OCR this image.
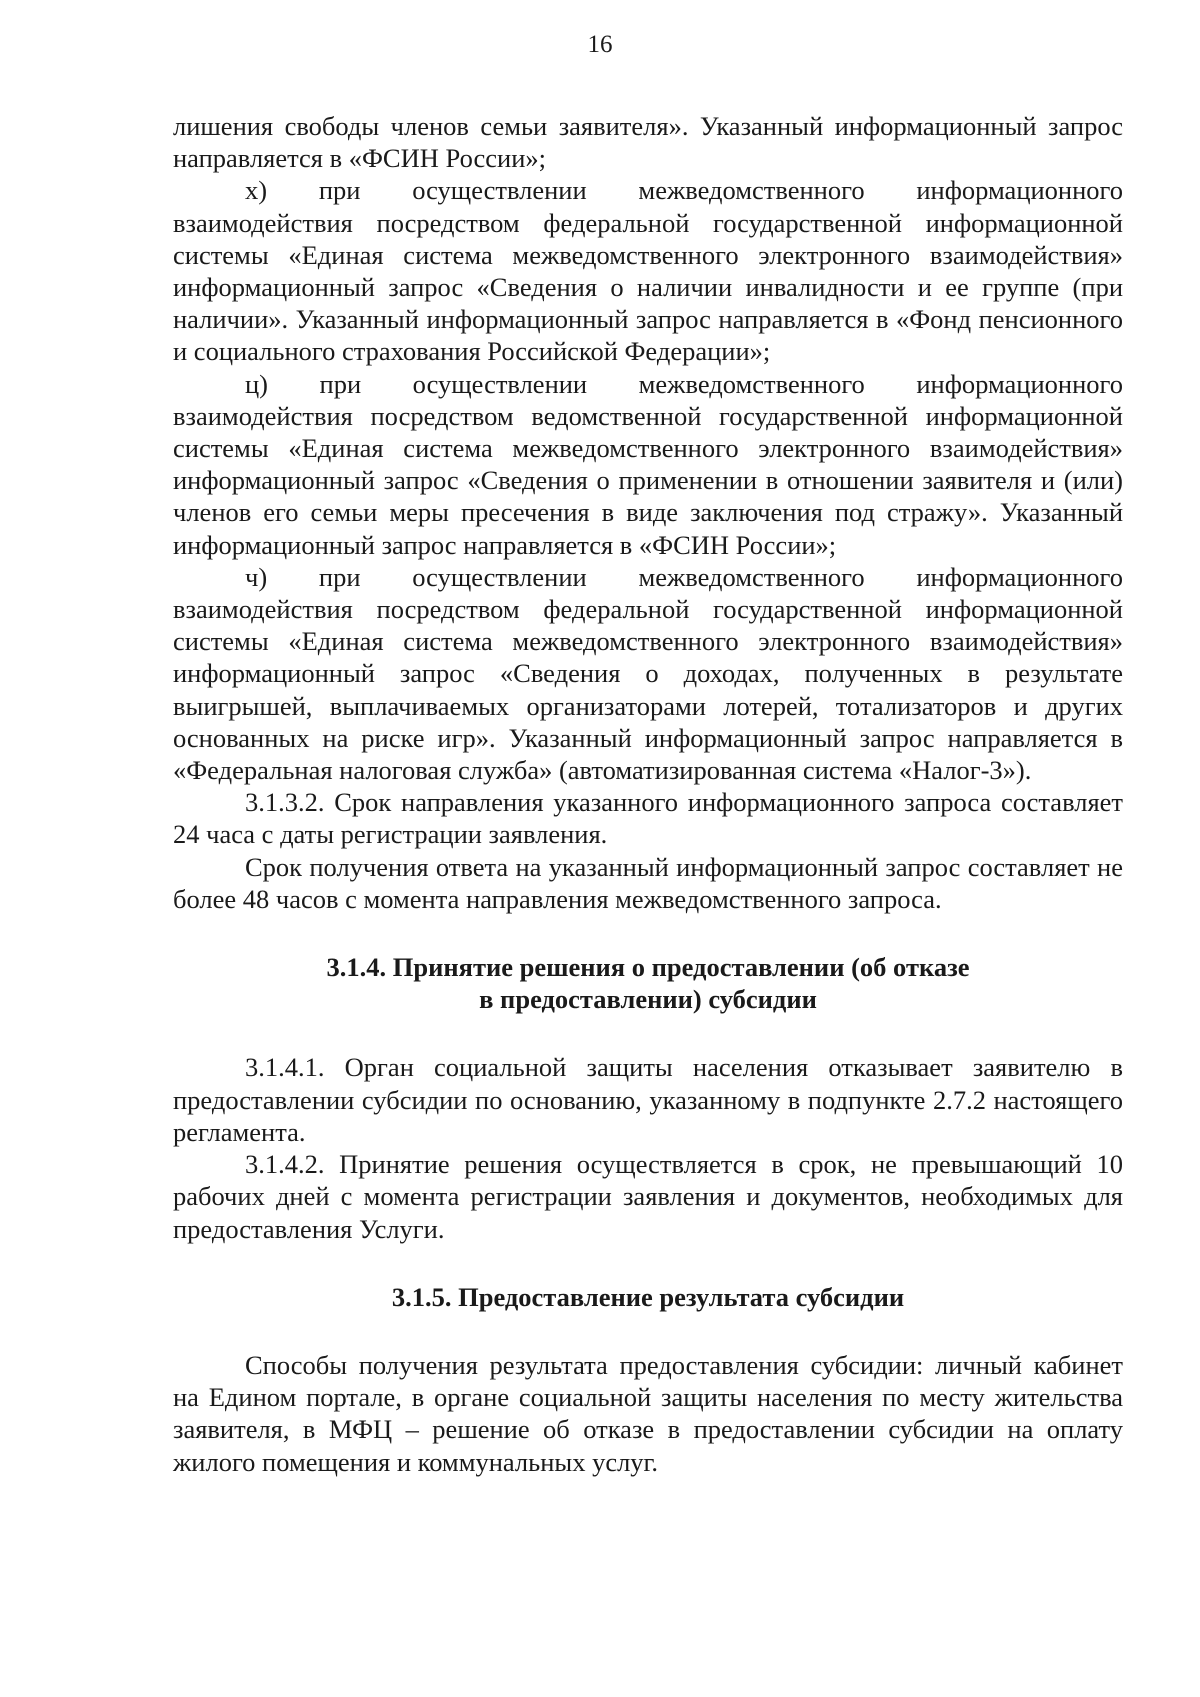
16

лишения свободы членов семьи заявителя». Указанный информационный запрос направляется в «ФСИН России»;

х) при осуществлении межведомственного информационного взаимодействия посредством федеральной государственной информационной системы «Единая система межведомственного электронного взаимодействия» информационный запрос «Сведения о наличии инвалидности и ее группе (при наличии». Указанный информационный запрос направляется в «Фонд пенсионного и социального страхования Российской Федерации»;

ц) при осуществлении межведомственного информационного взаимодействия посредством ведомственной государственной информационной системы «Единая система межведомственного электронного взаимодействия» информационный запрос «Сведения о применении в отношении заявителя и (или) членов его семьи меры пресечения в виде заключения под стражу». Указанный информационный запрос направляется в «ФСИН России»;

ч) при осуществлении межведомственного информационного взаимодействия посредством федеральной государственной информационной системы «Единая система межведомственного электронного взаимодействия» информационный запрос «Сведения о доходах, полученных в результате выигрышей, выплачиваемых организаторами лотерей, тотализаторов и других основанных на риске игр». Указанный информационный запрос направляется в «Федеральная налоговая служба» (автоматизированная система «Налог-3»).

3.1.3.2. Срок направления указанного информационного запроса составляет 24 часа с даты регистрации заявления.

Срок получения ответа на указанный информационный запрос составляет не более 48 часов с момента направления межведомственного запроса.

3.1.4. Принятие решения о предоставлении (об отказе
в предоставлении) субсидии

3.1.4.1. Орган социальной защиты населения отказывает заявителю в предоставлении субсидии по основанию, указанному в подпункте 2.7.2 настоящего регламента.

3.1.4.2. Принятие решения осуществляется в срок, не превышающий 10 рабочих дней с момента регистрации заявления и документов, необходимых для предоставления Услуги.

3.1.5. Предоставление результата субсидии

Способы получения результата предоставления субсидии: личный кабинет на Едином портале, в органе социальной защиты населения по месту жительства заявителя, в МФЦ – решение об отказе в предоставлении субсидии на оплату жилого помещения и коммунальных услуг.
